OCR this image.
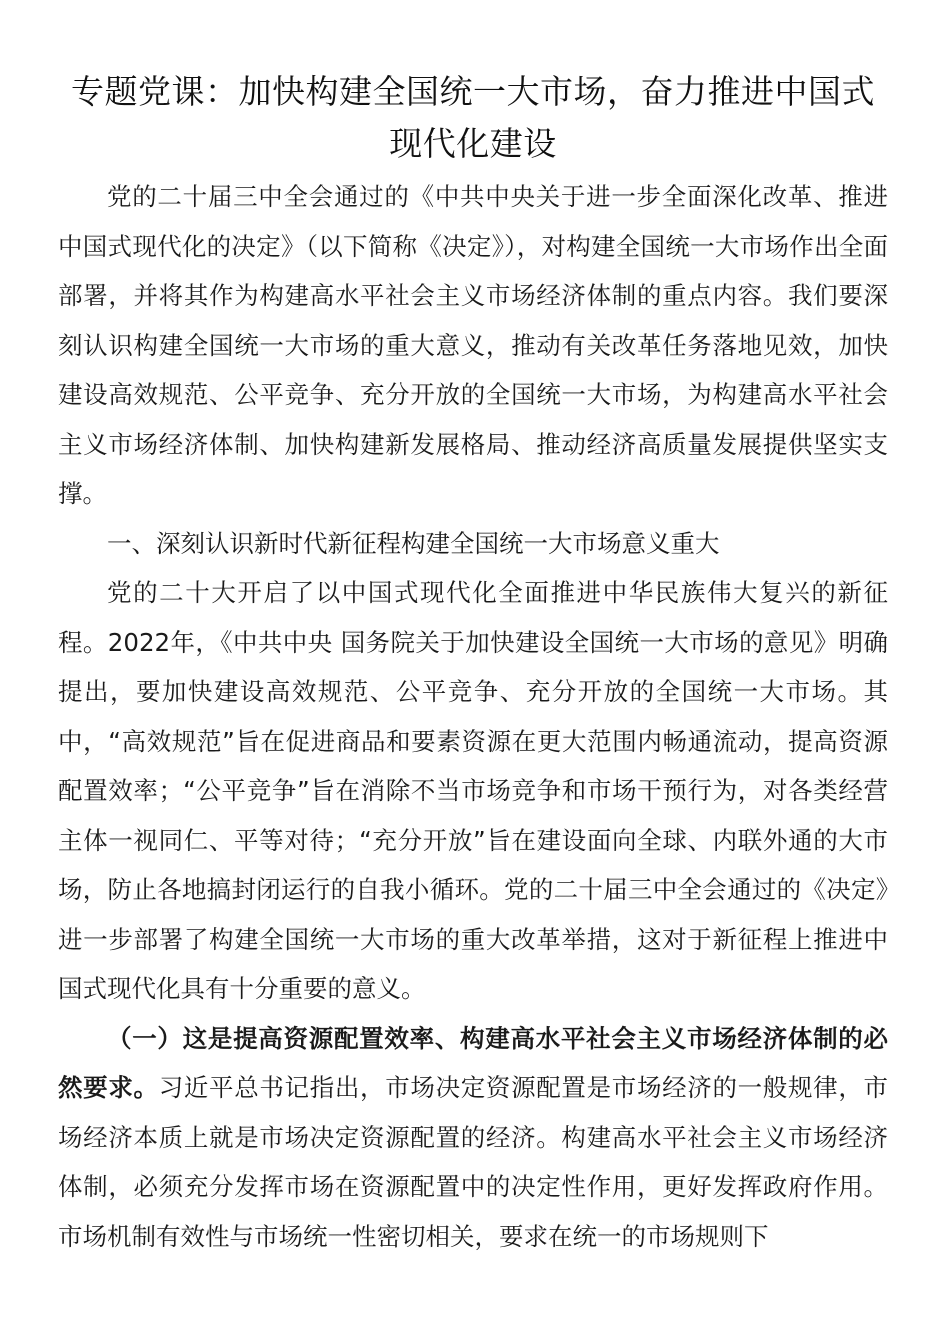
专题党课：加快构建全国统一大市场，奋力推进中国式现代化建设

党的二十届三中全会通过的《中共中央关于进一步全面深化改革、推进中国式现代化的决定》（以下简称《决定》），对构建全国统一大市场作出全面部署，并将其作为构建高水平社会主义市场经济体制的重点内容。我们要深刻认识构建全国统一大市场的重大意义，推动有关改革任务落地见效，加快建设高效规范、公平竞争、充分开放的全国统一大市场，为构建高水平社会主义市场经济体制、加快构建新发展格局、推动经济高质量发展提供坚实支撑。

一、深刻认识新时代新征程构建全国统一大市场意义重大

党的二十大开启了以中国式现代化全面推进中华民族伟大复兴的新征程。2022年，《中共中央 国务院关于加快建设全国统一大市场的意见》明确提出，要加快建设高效规范、公平竞争、充分开放的全国统一大市场。其中，“高效规范”旨在促进商品和要素资源在更大范围内畅通流动，提高资源配置效率；“公平竞争”旨在消除不当市场竞争和市场干预行为，对各类经营主体一视同仁、平等对待；“充分开放”旨在建设面向全球、内联外通的大市场，防止各地搞封闭运行的自我小循环。党的二十届三中全会通过的《决定》进一步部署了构建全国统一大市场的重大改革举措，这对于新征程上推进中国式现代化具有十分重要的意义。

（一）这是提高资源配置效率、构建高水平社会主义市场经济体制的必然要求。习近平总书记指出，市场决定资源配置是市场经济的一般规律，市场经济本质上就是市场决定资源配置的经济。构建高水平社会主义市场经济体制，必须充分发挥市场在资源配置中的决定性作用，更好发挥政府作用。市场机制有效性与市场统一性密切相关，要求在统一的市场规则下
